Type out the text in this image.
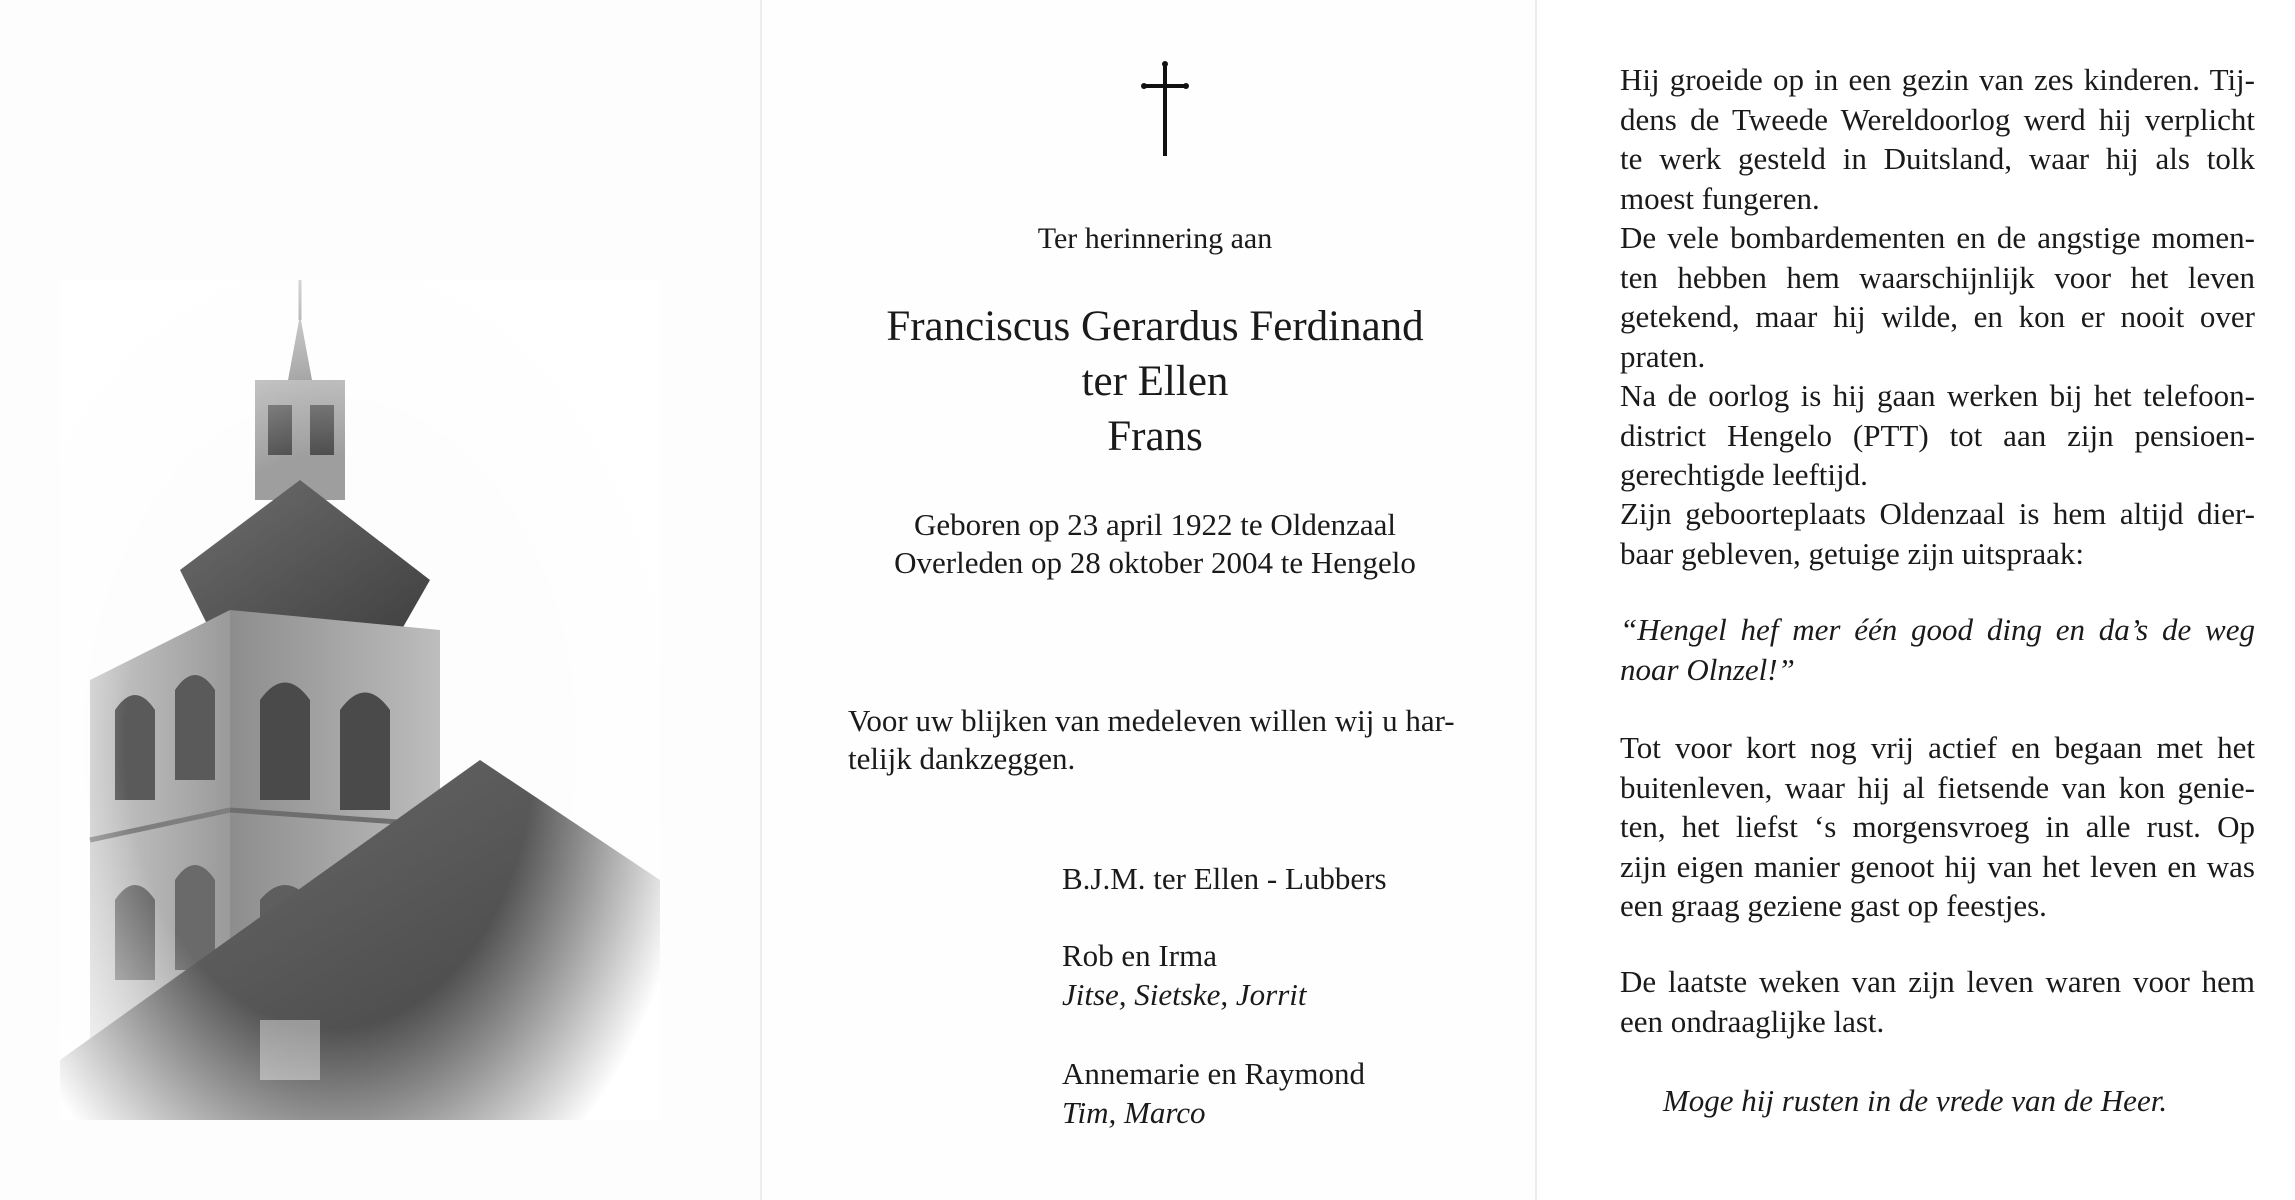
Ter herinnering aan
Franciscus Gerardus Ferdinand
ter Ellen
Frans
Geboren op 23 april 1922 te Oldenzaal
Overleden op 28 oktober 2004 te Hengelo
Voor uw blijken van medeleven willen wij u har-
telijk dankzeggen.
B.J.M. ter Ellen - Lubbers
Rob en Irma
Jitse, Sietske, Jorrit
Annemarie en Raymond
Tim, Marco
Hij groeide op in een gezin van zes kinderen. Tij-
dens de Tweede Wereldoorlog werd hij verplicht
te werk gesteld in Duitsland, waar hij als tolk
moest fungeren.
De vele bombardementen en de angstige momen-
ten hebben hem waarschijnlijk voor het leven
getekend, maar hij wilde, en kon er nooit over
praten.
Na de oorlog is hij gaan werken bij het telefoon-
district Hengelo (PTT) tot aan zijn pensioen-
gerechtigde leeftijd.
Zijn geboorteplaats Oldenzaal is hem altijd dier-
baar gebleven, getuige zijn uitspraak:
“Hengel hef mer één good ding en da’s de weg
noar Olnzel!”
Tot voor kort nog vrij actief en begaan met het
buitenleven, waar hij al fietsende van kon genie-
ten, het liefst ‘s morgensvroeg in alle rust. Op
zijn eigen manier genoot hij van het leven en was
een graag geziene gast op feestjes.
De laatste weken van zijn leven waren voor hem
een ondraaglijke last.
Moge hij rusten in de vrede van de Heer.
